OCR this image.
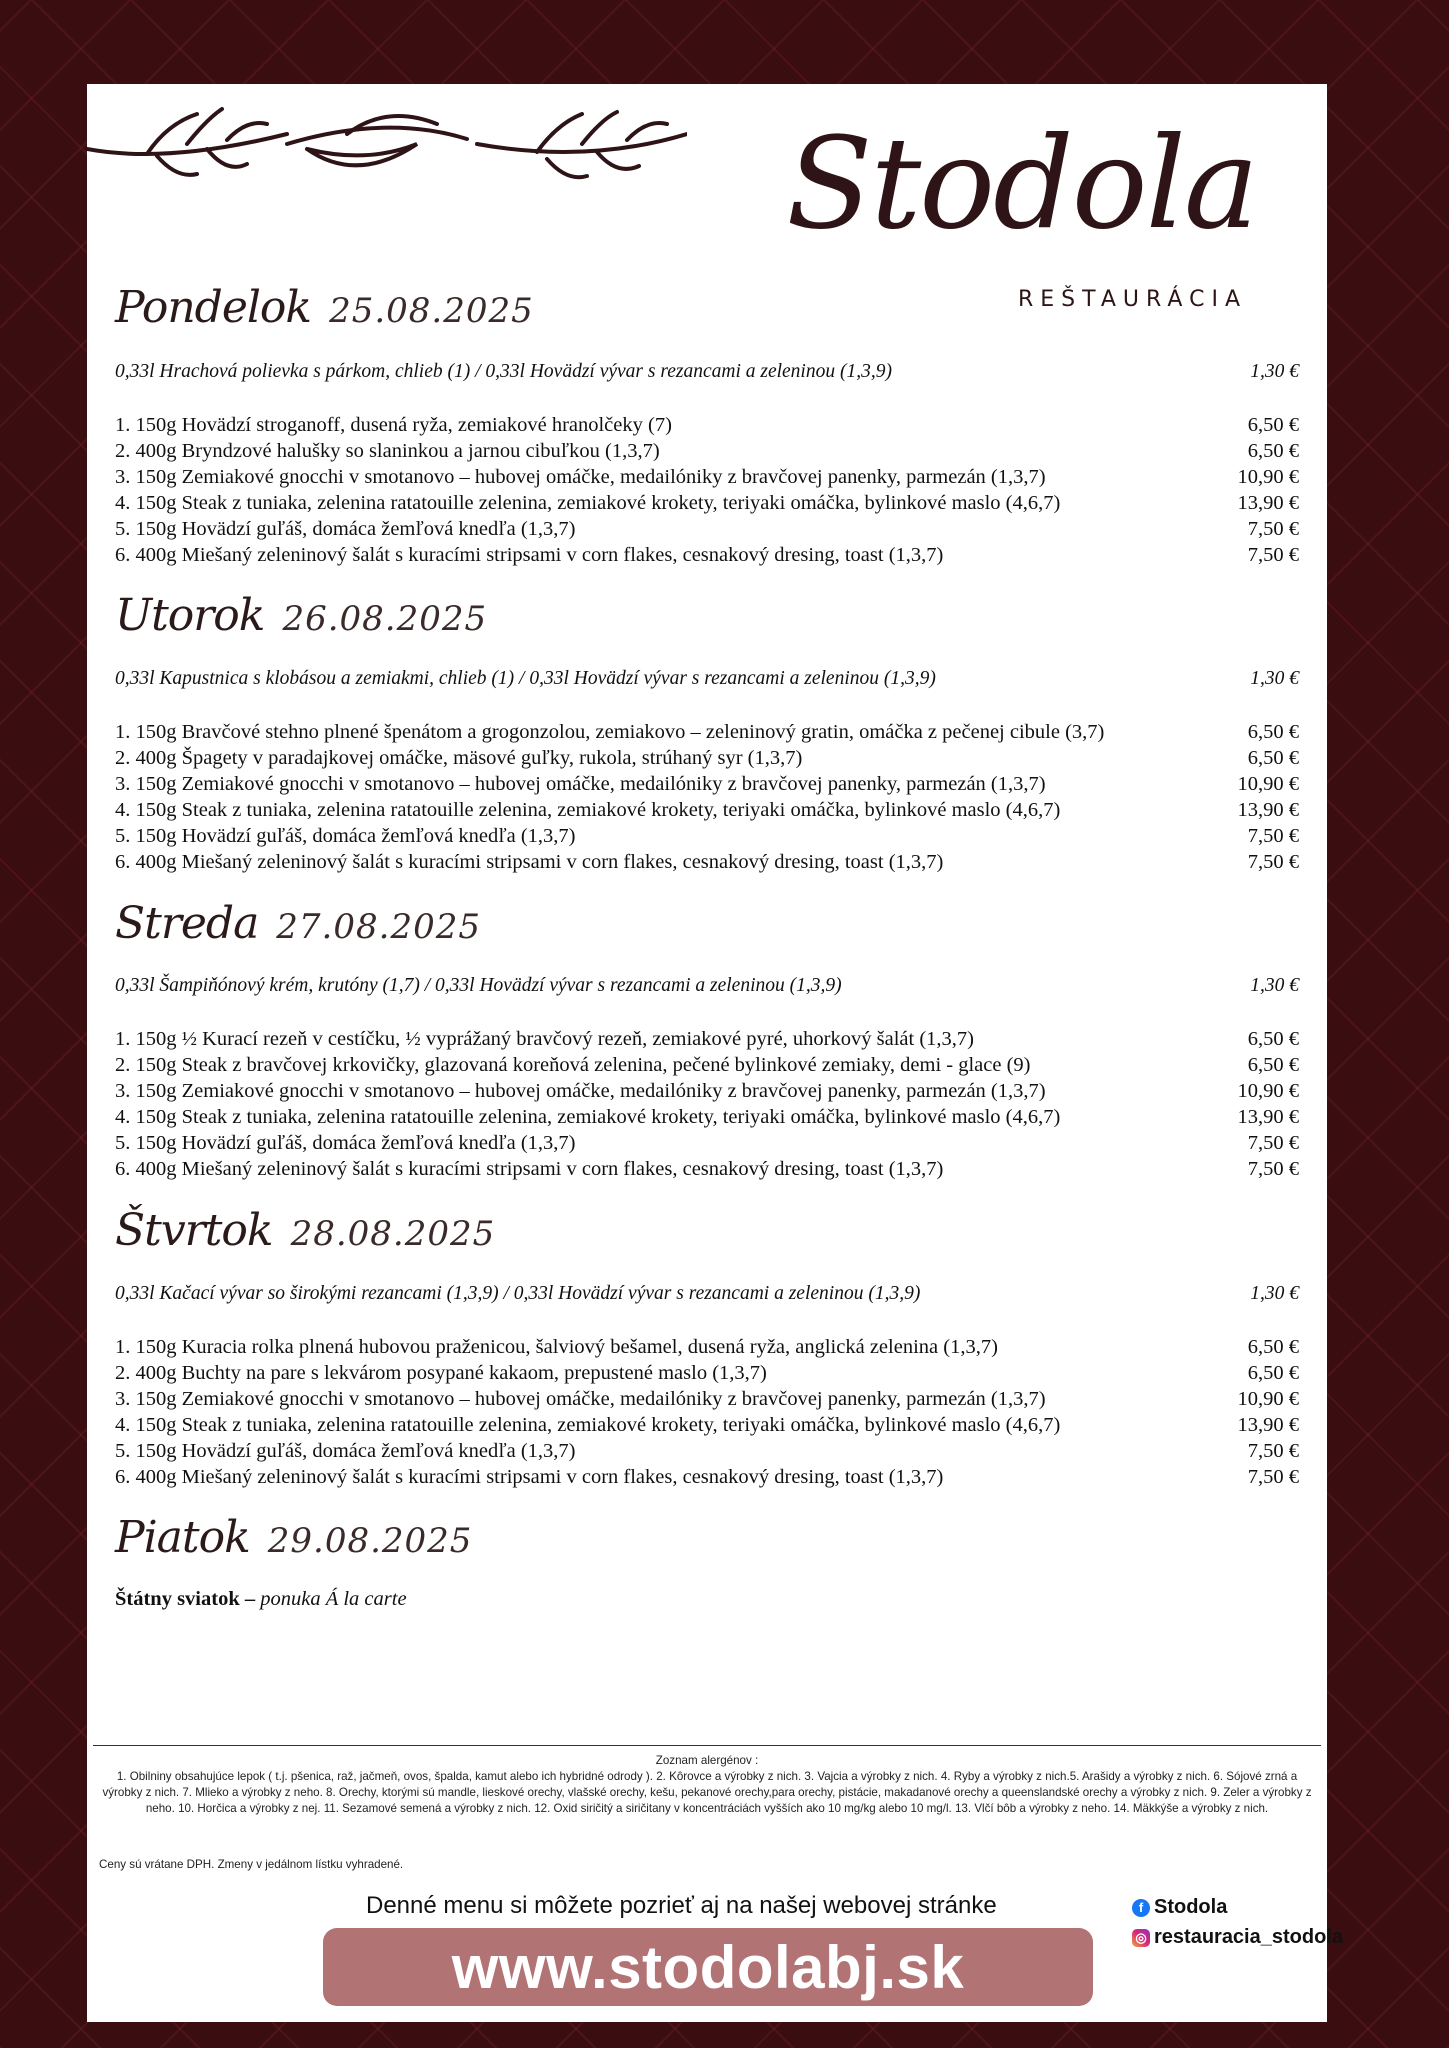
Stodola
REŠTAURÁCIA
Pondelok 25.08.2025
0,33l Hrachová polievka s párkom, chlieb (1) / 0,33l Hovädzí vývar s rezancami a zeleninou (1,3,9)	1,30 €
1. 150g Hovädzí stroganoff, dusená ryža, zemiakové hranolčeky (7)	6,50 €
2. 400g Bryndzové halušky so slaninkou a jarnou cibuľkou (1,3,7)	6,50 €
3. 150g Zemiakové gnocchi v smotanovo – hubovej omáčke, medailóniky z bravčovej panenky, parmezán (1,3,7)	10,90 €
4. 150g Steak z tuniaka, zelenina ratatouille zelenina, zemiakové krokety, teriyaki omáčka, bylinkové maslo (4,6,7)	13,90 €
5. 150g Hovädzí guľáš, domáca žemľová knedľa (1,3,7)	7,50 €
6. 400g Miešaný zeleninový šalát s kuracími stripsami v corn flakes, cesnakový dresing, toast (1,3,7)	7,50 €
Utorok 26.08.2025
0,33l Kapustnica s klobásou a zemiakmi, chlieb (1) / 0,33l Hovädzí vývar s rezancami a zeleninou (1,3,9)	1,30 €
1. 150g Bravčové stehno plnené špenátom a grogonzolou, zemiakovo – zeleninový gratin, omáčka z pečenej cibule (3,7)	6,50 €
2. 400g Špagety v paradajkovej omáčke, mäsové guľky, rukola, strúhaný syr (1,3,7)	6,50 €
3. 150g Zemiakové gnocchi v smotanovo – hubovej omáčke, medailóniky z bravčovej panenky, parmezán (1,3,7)	10,90 €
4. 150g Steak z tuniaka, zelenina ratatouille zelenina, zemiakové krokety, teriyaki omáčka, bylinkové maslo (4,6,7)	13,90 €
5. 150g Hovädzí guľáš, domáca žemľová knedľa (1,3,7)	7,50 €
6. 400g Miešaný zeleninový šalát s kuracími stripsami v corn flakes, cesnakový dresing, toast (1,3,7)	7,50 €
Streda 27.08.2025
0,33l Šampiňónový krém, krutóny (1,7) / 0,33l Hovädzí vývar s rezancami a zeleninou (1,3,9)	1,30 €
1. 150g ½ Kurací rezeň v cestíčku, ½ vyprážaný bravčový rezeň, zemiakové pyré, uhorkový šalát (1,3,7)	6,50 €
2. 150g Steak z bravčovej krkovičky, glazovaná koreňová zelenina, pečené bylinkové zemiaky, demi - glace (9)	6,50 €
3. 150g Zemiakové gnocchi v smotanovo – hubovej omáčke, medailóniky z bravčovej panenky, parmezán (1,3,7)	10,90 €
4. 150g Steak z tuniaka, zelenina ratatouille zelenina, zemiakové krokety, teriyaki omáčka, bylinkové maslo (4,6,7)	13,90 €
5. 150g Hovädzí guľáš, domáca žemľová knedľa (1,3,7)	7,50 €
6. 400g Miešaný zeleninový šalát s kuracími stripsami v corn flakes, cesnakový dresing, toast (1,3,7)	7,50 €
Štvrtok 28.08.2025
0,33l Kačací vývar so širokými rezancami (1,3,9) / 0,33l Hovädzí vývar s rezancami a zeleninou (1,3,9)	1,30 €
1. 150g Kuracia rolka plnená hubovou praženicou, šalviový bešamel, dusená ryža, anglická zelenina (1,3,7)	6,50 €
2. 400g Buchty na pare s lekvárom posypané kakaom, prepustené maslo (1,3,7)	6,50 €
3. 150g Zemiakové gnocchi v smotanovo – hubovej omáčke, medailóniky z bravčovej panenky, parmezán (1,3,7)	10,90 €
4. 150g Steak z tuniaka, zelenina ratatouille zelenina, zemiakové krokety, teriyaki omáčka, bylinkové maslo (4,6,7)	13,90 €
5. 150g Hovädzí guľáš, domáca žemľová knedľa (1,3,7)	7,50 €
6. 400g Miešaný zeleninový šalát s kuracími stripsami v corn flakes, cesnakový dresing, toast (1,3,7)	7,50 €
Piatok 29.08.2025
Štátny sviatok – ponuka Á la carte
Zoznam alergénov :
1. Obilniny obsahujúce lepok ( t.j. pšenica, raž, jačmeň, ovos, špalda, kamut alebo ich hybridné odrody ). 2. Kôrovce a výrobky z nich. 3. Vajcia a výrobky z nich. 4. Ryby a výrobky z nich.5. Arašidy a výrobky z nich. 6. Sójové zrná a výrobky z nich. 7. Mlieko a výrobky z neho. 8. Orechy, ktorými sú mandle, lieskové orechy, vlašské orechy, kešu, pekanové orechy,para orechy, pistácie, makadanové orechy a queenslandské orechy a výrobky z nich. 9. Zeler a výrobky z neho. 10. Horčica a výrobky z nej. 11. Sezamové semená a výrobky z nich. 12. Oxid siričitý a siričitany v koncentráciách vyšších ako 10 mg/kg alebo 10 mg/l. 13. Vlčí bôb a výrobky z neho. 14. Mäkkýše a výrobky z nich.
Ceny sú vrátane DPH. Zmeny v jedálnom lístku vyhradené.
Denné menu si môžete pozrieť aj na našej webovej stránke	f Stodola
◎ restauracia_stodola
www.stodolabj.sk
